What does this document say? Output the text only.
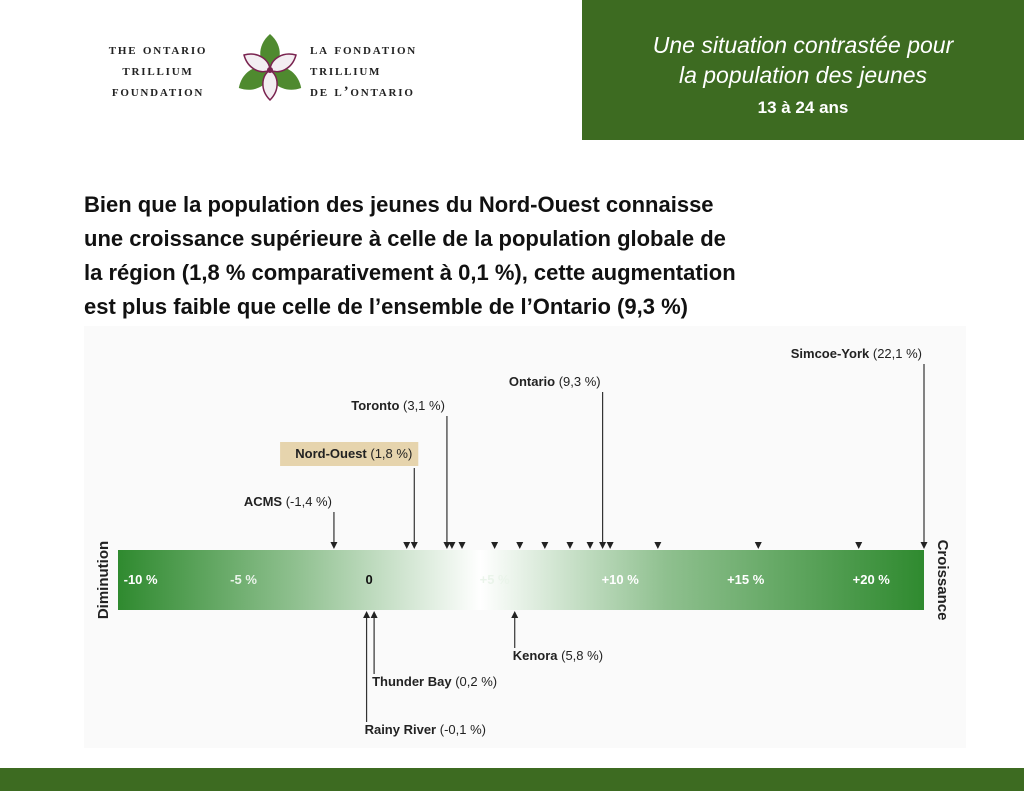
the ontario
trillium
foundation
la fondation
trillium
de l’ontario
Une situation contrastée pour
la population des jeunes
13 à 24 ans
Bien que la population des jeunes du Nord-Ouest connaisse
une croissance supérieure à celle de la population globale de
la région (1,8 % comparativement à 0,1 %), cette augmentation
est plus faible que celle de l’ensemble de l’Ontario (9,3 %)
-10 %	-5 %	0	+5 %	+10 %	+15 %	+20 %
Simcoe-York (22,1 %)
Ontario (9,3 %)
Toronto (3,1 %)
Nord-Ouest (1,8 %)
ACMS (-1,4 %)
Kenora (5,8 %)
Thunder Bay (0,2 %)
Rainy River (-0,1 %)
Diminution	Croissance
